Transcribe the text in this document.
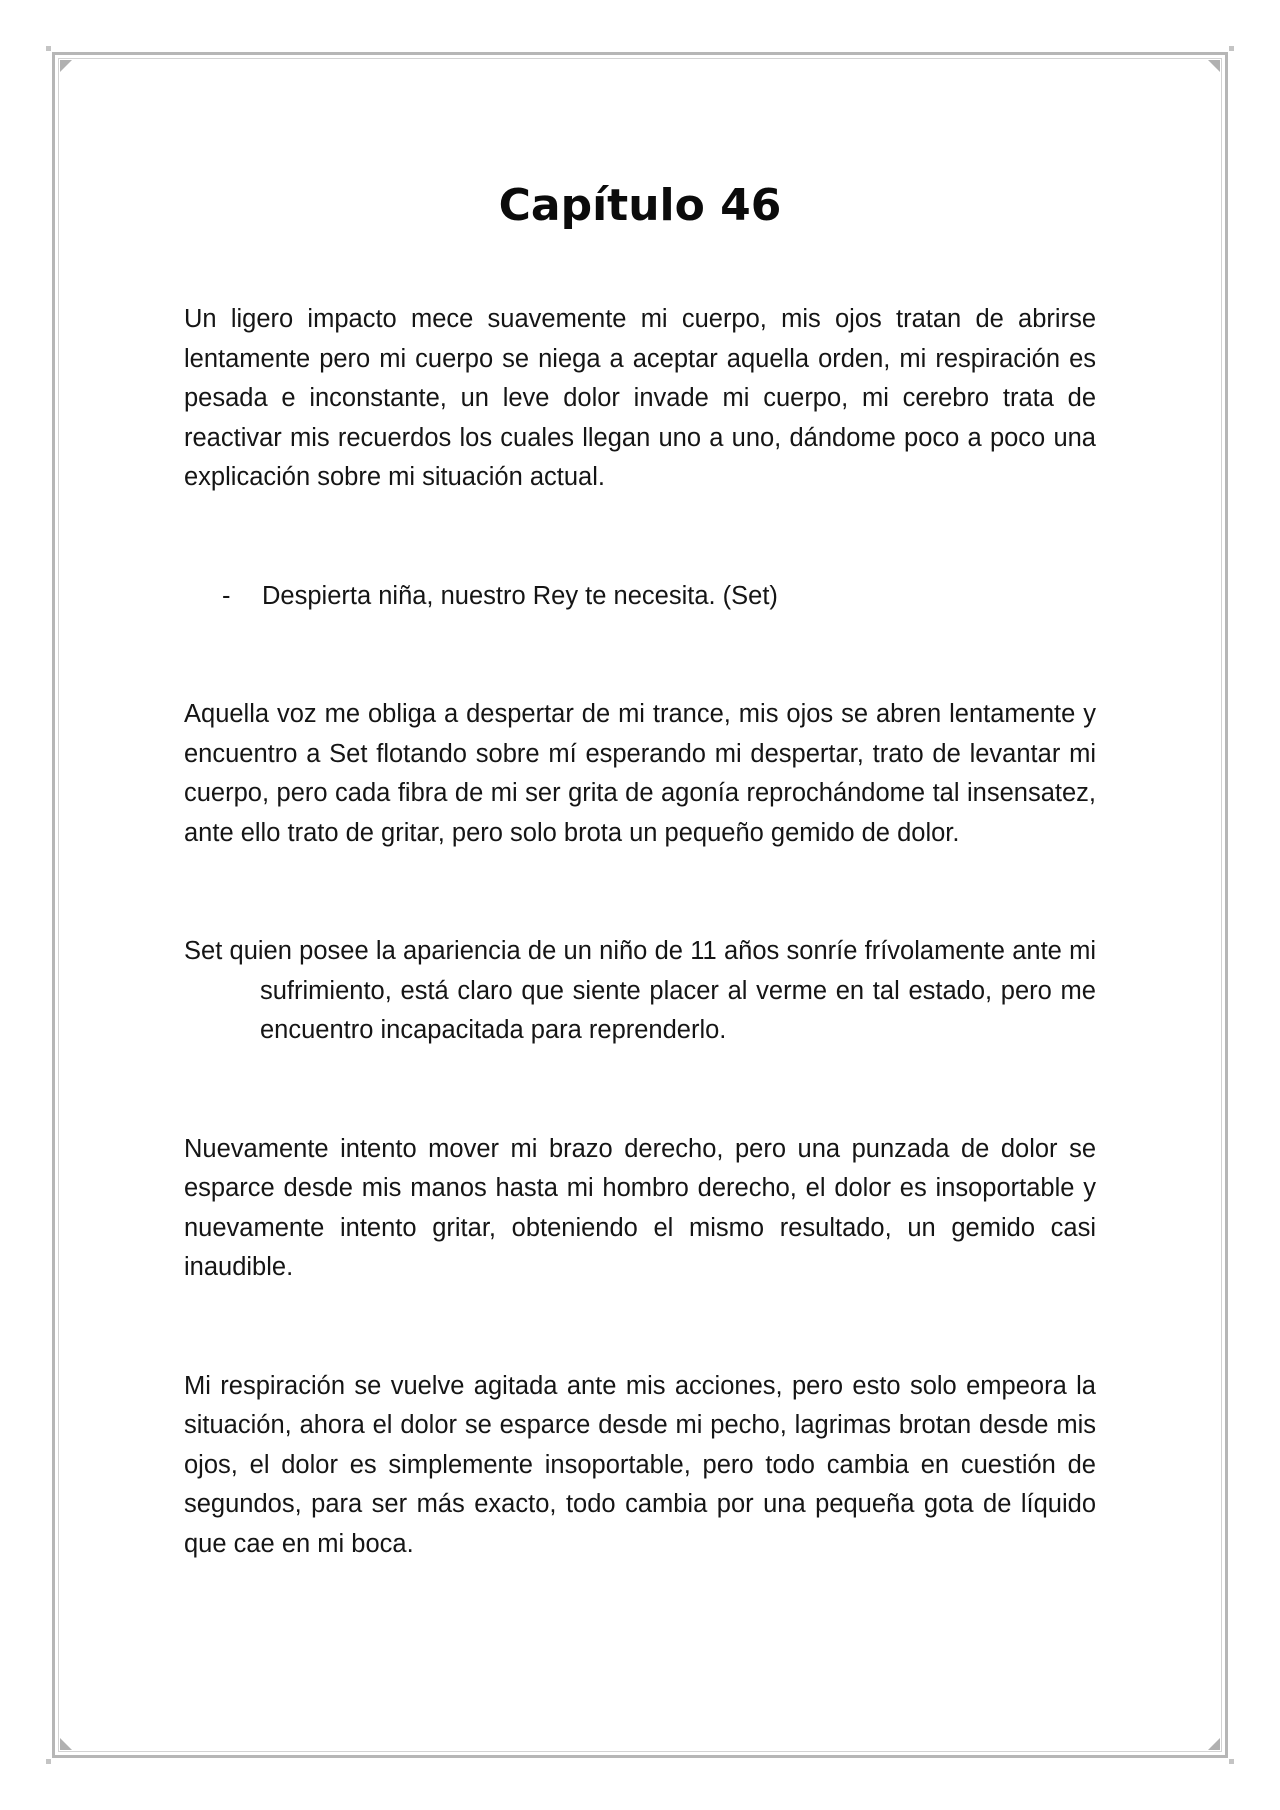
Capítulo 46

Un ligero impacto mece suavemente mi cuerpo, mis ojos tratan de abrirse lentamente pero mi cuerpo se niega a aceptar aquella orden, mi respiración es pesada e inconstante, un leve dolor invade mi cuerpo, mi cerebro trata de reactivar mis recuerdos los cuales llegan uno a uno, dándome poco a poco una explicación sobre mi situación actual.

-	Despierta niña, nuestro Rey te necesita. (Set)

Aquella voz me obliga a despertar de mi trance, mis ojos se abren lentamente y encuentro a Set flotando sobre mí esperando mi despertar, trato de levantar mi cuerpo, pero cada fibra de mi ser grita de agonía reprochándome tal insensatez, ante ello trato de gritar, pero solo brota un pequeño gemido de dolor.

Set quien posee la apariencia de un niño de 11 años sonríe frívolamente ante mi sufrimiento, está claro que siente placer al verme en tal estado, pero me encuentro incapacitada para reprenderlo.

Nuevamente intento mover mi brazo derecho, pero una punzada de dolor se esparce desde mis manos hasta mi hombro derecho, el dolor es insoportable y nuevamente intento gritar, obteniendo el mismo resultado, un gemido casi inaudible.

Mi respiración se vuelve agitada ante mis acciones, pero esto solo empeora la situación, ahora el dolor se esparce desde mi pecho, lagrimas brotan desde mis ojos, el dolor es simplemente insoportable, pero todo cambia en cuestión de segundos, para ser más exacto, todo cambia por una pequeña gota de líquido que cae en mi boca.
